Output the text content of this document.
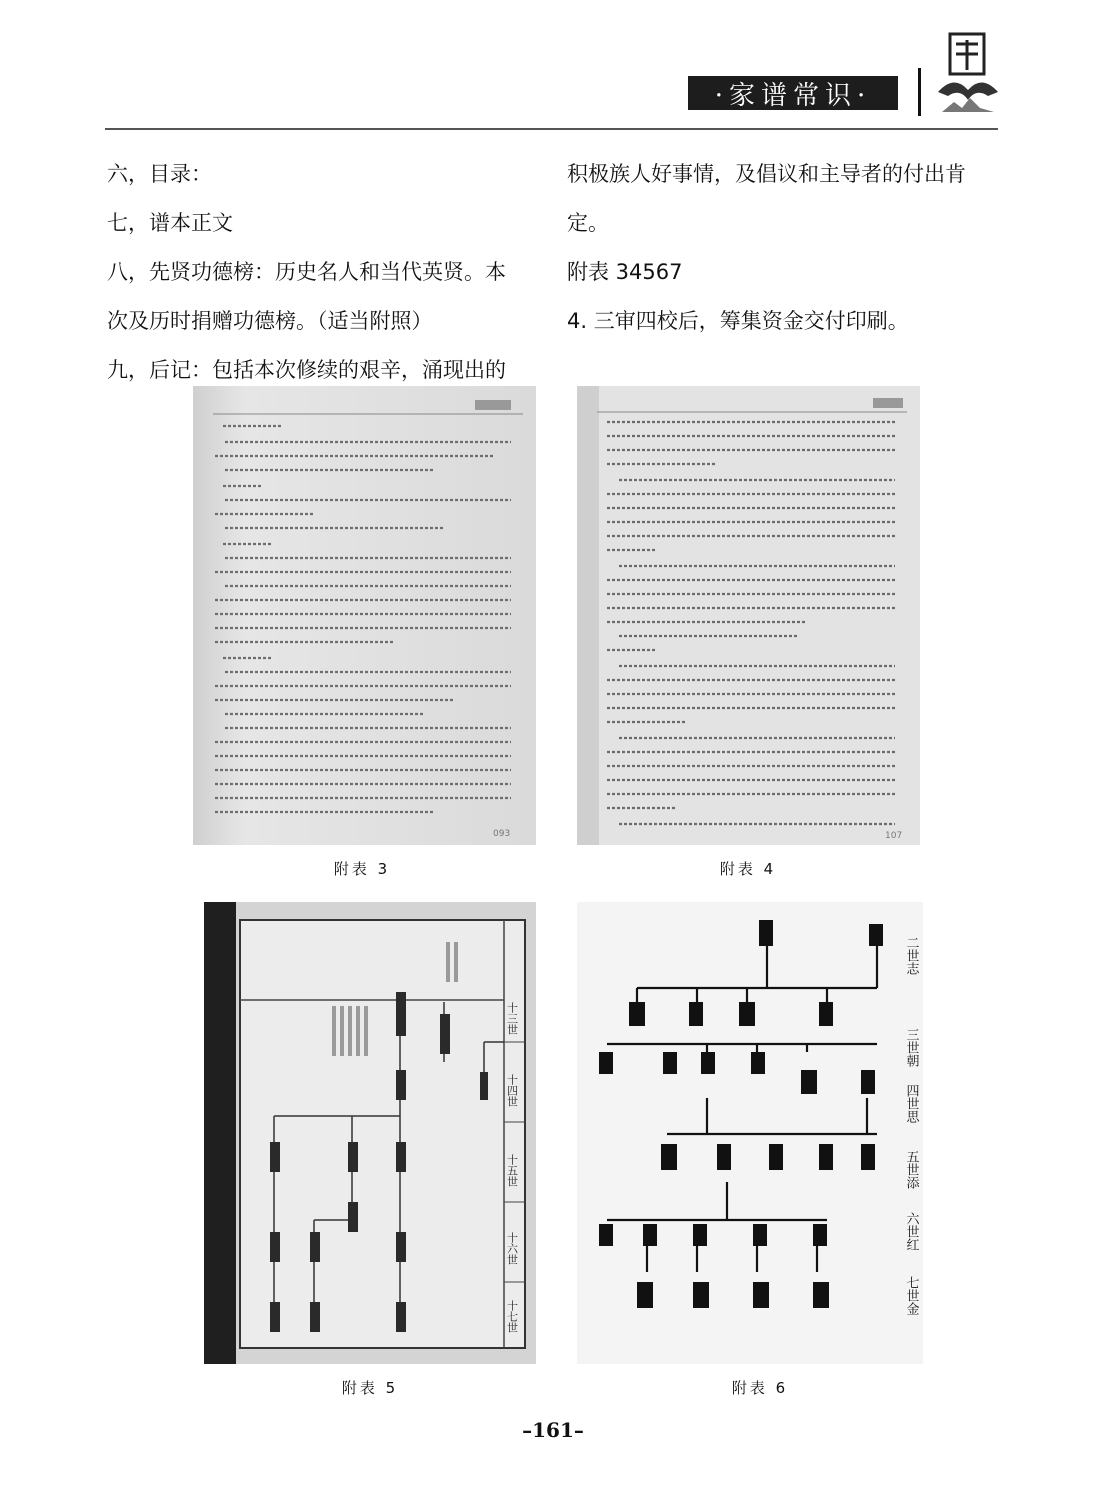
·家谱常识·

六，目录：

七，谱本正文

八，先贤功德榜：历史名人和当代英贤。本

次及历时捐赠功德榜。（适当附照）

九，后记：包括本次修续的艰辛，涌现出的

积极族人好事情，及倡议和主导者的付出肯

定。

附表 34567

4. 三审四校后，筹集资金交付印刷。

093
附表 3
107
附表 4
十三世
十四世
十五世
十六世
十七世
附表 5
二世志
三世朝
四世思
五世添
六世红
七世金
附表 6
–161–
